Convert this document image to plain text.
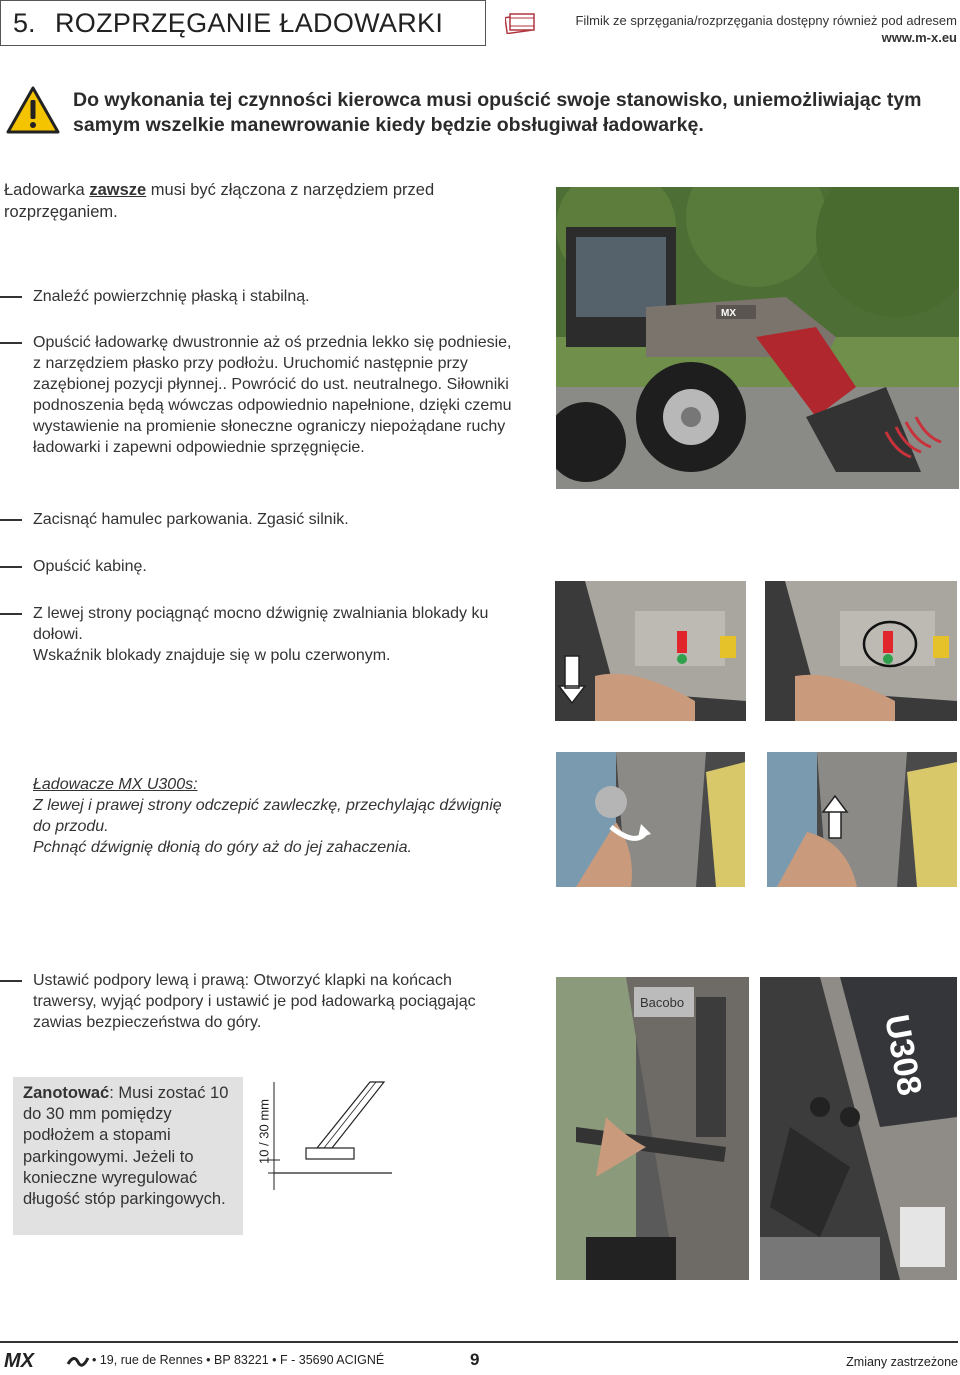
5. ROZPRZĘGANIE ŁADOWARKI	Filmik ze sprzęgania/rozprzęgania dostępny również pod adresem
www.m-x.eu
Do wykonania tej czynności kierowca musi opuścić swoje stanowisko, uniemożliwiając tym samym wszelkie manewrowanie kiedy będzie obsługiwał ładowarkę.

Ładowarka zawsze musi być złączona z narzędziem przed rozprzęganiem.

Znaleźć powierzchnię płaską i stabilną.

Opuścić ładowarkę dwustronnie aż oś przednia lekko się podniesie, z narzędziem płasko przy podłożu. Uruchomić następnie przy zazębionej pozycji płynnej.. Powrócić do ust. neutralnego. Siłowniki podnoszenia będą wówczas odpowiednio napełnione, dzięki czemu wystawienie na promienie słoneczne ograniczy niepożądane ruchy ładowarki i zapewni odpowiednie sprzęgnięcie.

MX

Zacisnąć hamulec parkowania. Zgasić silnik.

Opuścić kabinę.

Z lewej strony pociągnąć mocno dźwignię zwalniania blokady ku dołowi.

Wskaźnik blokady znajduje się w polu czerwonym.

Ładowacze MX U300s:

Z lewej i prawej strony odczepić zawleczkę, przechylając dźwignię do przodu.

Pchnąć dźwignię dłonią do góry aż do jej zahaczenia.

Ustawić podpory lewą i prawą: Otworzyć klapki na końcach trawersy, wyjąć podpory i ustawić je pod ładowarką pociągając zawias bezpieczeństwa do góry.

Zanotować: Musi zostać 10 do 30 mm pomiędzy podłożem a stopami parkingowymi. Jeżeli to konieczne wyregulować długość stóp parkingowych.
10 / 30 mm
Bacobo
U308
MX	• 19, rue de Rennes • BP 83221 • F - 35690 ACIGNÉ	9	Zmiany zastrzeżone
